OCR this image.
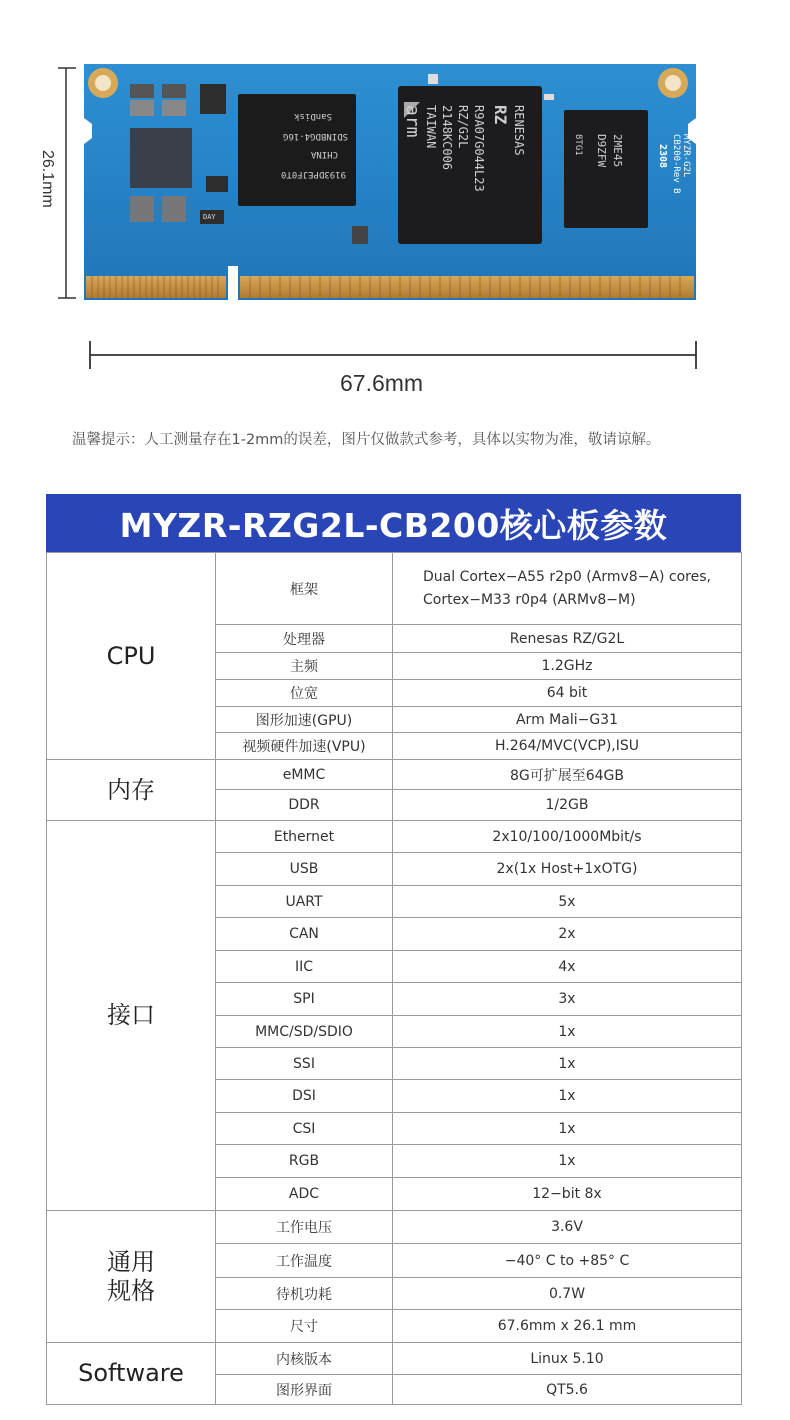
9193DPEJF0T0
CHINA
SDINBDG4-16G
SanDisk	RENESAS
RZ
R9A07G044L23
RZ/G2L
2148KC006
TAIWAN
arm
2ME45
D9ZFW
8TG1	MYZR-G2L
CB200-Rev B
2308
DAY
26.1mm
67.6mm
温馨提示：人工测量存在1-2mm的误差，图片仅做款式参考，具体以实物为准，敬请谅解。
MYZR-RZG2L-CB200核心板参数
CPU	框架	Dual Cortex−A55 r2p0 (Armv8−A) cores,
Cortex−M33 r0p4 (ARMv8−M)
	处理器	Renesas RZ/G2L
	主频	1.2GHz
	位宽	64 bit
	图形加速(GPU)	Arm Mali−G31
	视频硬件加速(VPU)	H.264/MVC(VCP),ISU
内存	eMMC	8G可扩展至64GB
	DDR	1/2GB
接口	Ethernet	2x10/100/1000Mbit/s
	USB	2x(1x Host+1xOTG)
	UART	5x
	CAN	2x
	IIC	4x
	SPI	3x
	MMC/SD/SDIO	1x
	SSI	1x
	DSI	1x
	CSI	1x
	RGB	1x
	ADC	12−bit 8x
通用
规格	工作电压	3.6V
	工作温度	−40° C to +85° C
	待机功耗	0.7W
	尺寸	67.6mm x 26.1 mm
Software	内核版本	Linux 5.10
	图形界面	QT5.6
